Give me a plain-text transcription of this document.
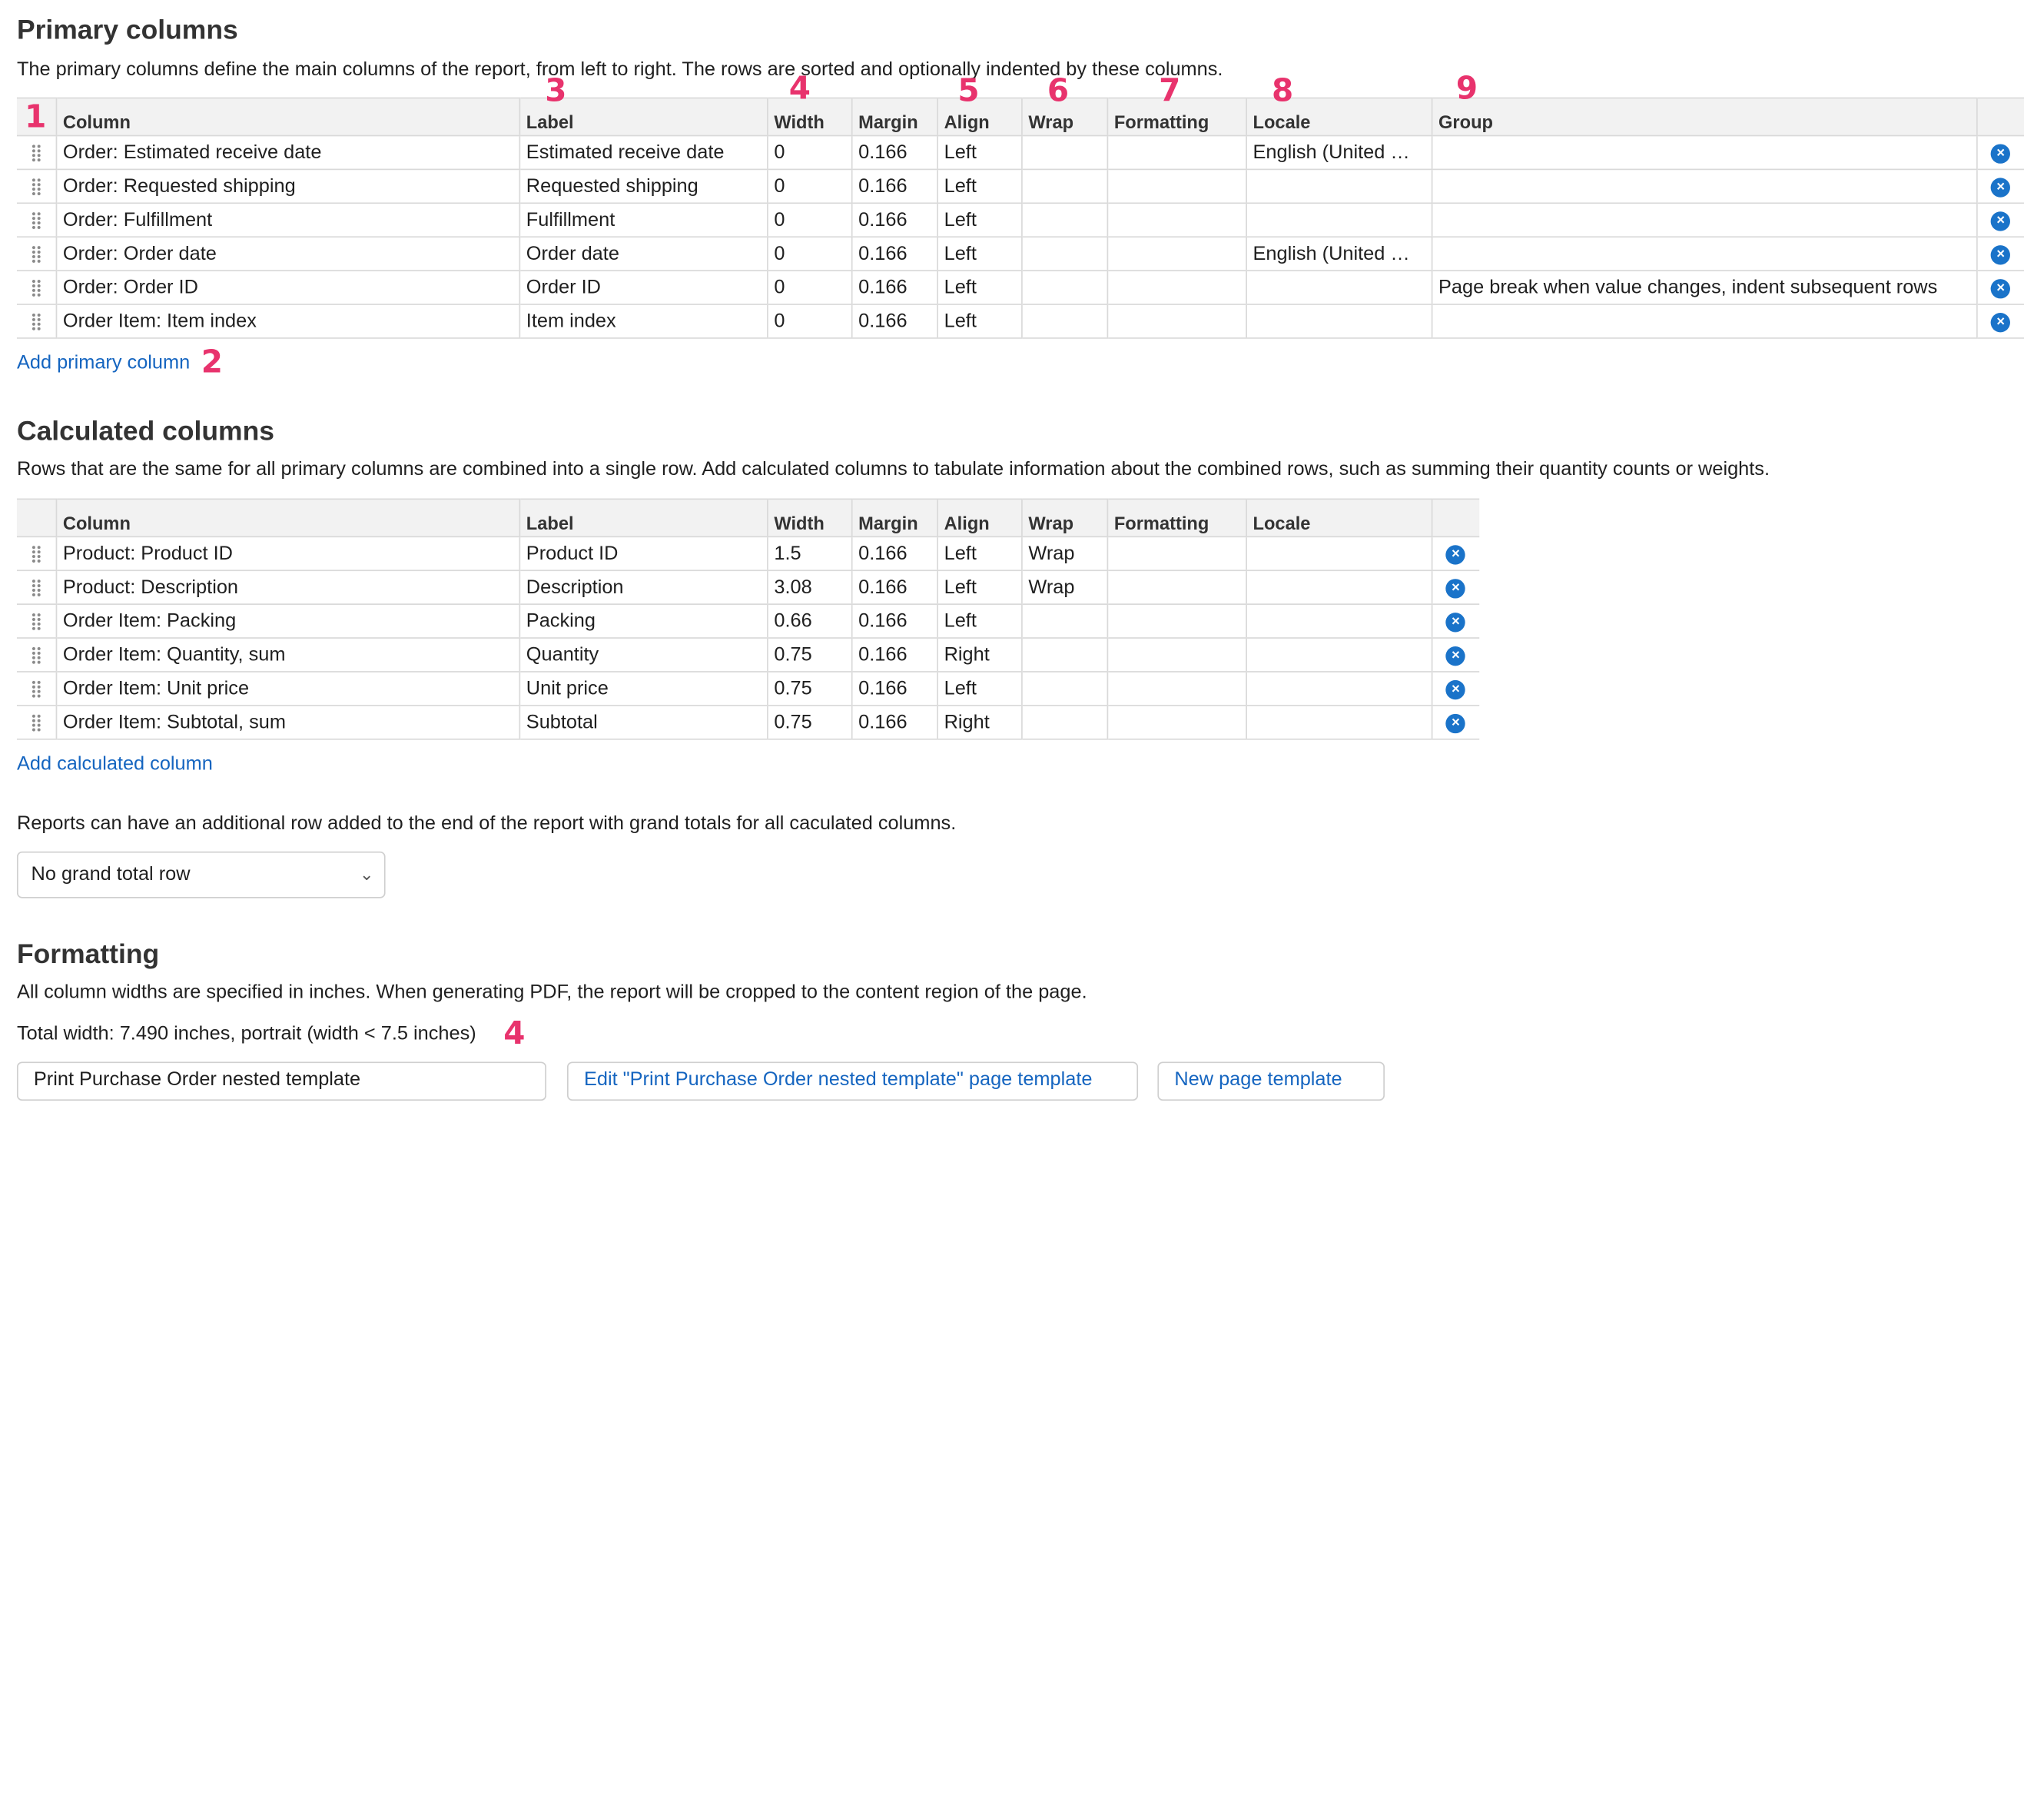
Primary columns

The primary columns define the main columns of the report, from left to right. The rows are sorted and optionally indented by these columns.

	Column	Label	Width	Margin	Align	Wrap	Formatting	Locale	Group	
	Order: Estimated receive date	Estimated receive date	0	0.166	Left			English (United …		×
	Order: Requested shipping	Requested shipping	0	0.166	Left					×
	Order: Fulfillment	Fulfillment	0	0.166	Left					×
	Order: Order date	Order date	0	0.166	Left			English (United …		×
	Order: Order ID	Order ID	0	0.166	Left				Page break when value changes, indent subsequent rows	×
	Order Item: Item index	Item index	0	0.166	Left					×
Add primary column
Calculated columns

Rows that are the same for all primary columns are combined into a single row. Add calculated columns to tabulate information about the combined rows, such as summing their quantity counts or weights.

	Column	Label	Width	Margin	Align	Wrap	Formatting	Locale	
	Product: Product ID	Product ID	1.5	0.166	Left	Wrap			×
	Product: Description	Description	3.08	0.166	Left	Wrap			×
	Order Item: Packing	Packing	0.66	0.166	Left				×
	Order Item: Quantity, sum	Quantity	0.75	0.166	Right				×
	Order Item: Unit price	Unit price	0.75	0.166	Left				×
	Order Item: Subtotal, sum	Subtotal	0.75	0.166	Right				×
Add calculated column

Reports can have an additional row added to the end of the report with grand totals for all caculated columns.

No grand total row	⌄
Formatting

All column widths are specified in inches. When generating PDF, the report will be cropped to the content region of the page.

Total width: 7.490 inches, portrait (width < 7.5 inches)

Print Purchase Order nested template	Edit "Print Purchase Order nested template" page template	New page template
1
2
3	4	5	6	7	8	9
4
